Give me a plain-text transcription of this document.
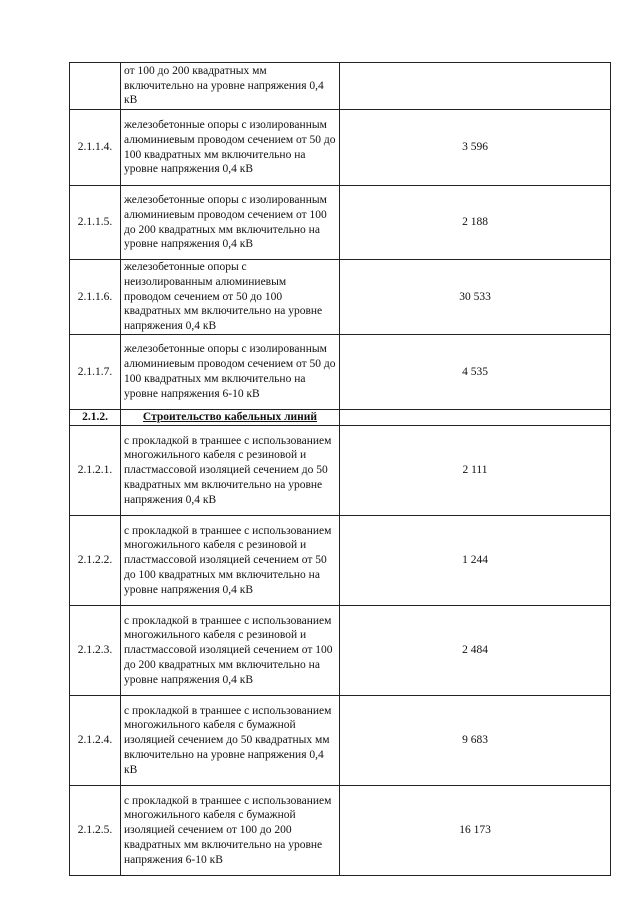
	от 100 до 200 квадратных мм включительно на уровне напряжения 0,4 кВ	
2.1.1.4.	железобетонные опоры с изолированным алюминиевым проводом сечением от 50 до 100 квадратных мм включительно на уровне напряжения 0,4 кВ	3 596
2.1.1.5.	железобетонные опоры с изолированным алюминиевым проводом сечением от 100 до 200 квадратных мм включительно на уровне напряжения 0,4 кВ	2 188
2.1.1.6.	железобетонные опоры с неизолированным алюминиевым проводом сечением от 50 до 100 квадратных мм включительно на уровне напряжения 0,4 кВ	30 533
2.1.1.7.	железобетонные опоры с изолированным алюминиевым проводом сечением от 50 до 100 квадратных мм включительно на уровне напряжения 6-10 кВ	4 535
2.1.2.	Строительство кабельных линий	
2.1.2.1.	с прокладкой в траншее с использованием многожильного кабеля с резиновой и пластмассовой изоляцией сечением до 50 квадратных мм включительно на уровне напряжения 0,4 кВ	2 111
2.1.2.2.	с прокладкой в траншее с использованием многожильного кабеля с резиновой и пластмассовой изоляцией сечением от 50 до 100 квадратных мм включительно на уровне напряжения 0,4 кВ	1 244
2.1.2.3.	с прокладкой в траншее с использованием многожильного кабеля с резиновой и пластмассовой изоляцией сечением от 100 до 200 квадратных мм включительно на уровне напряжения 0,4 кВ	2 484
2.1.2.4.	с прокладкой в траншее с использованием многожильного кабеля с бумажной изоляцией сечением до 50 квадратных мм включительно на уровне напряжения 0,4 кВ	9 683
2.1.2.5.	с прокладкой в траншее с использованием многожильного кабеля с бумажной изоляцией сечением от 100 до 200 квадратных мм включительно на уровне напряжения 6-10 кВ	16 173
